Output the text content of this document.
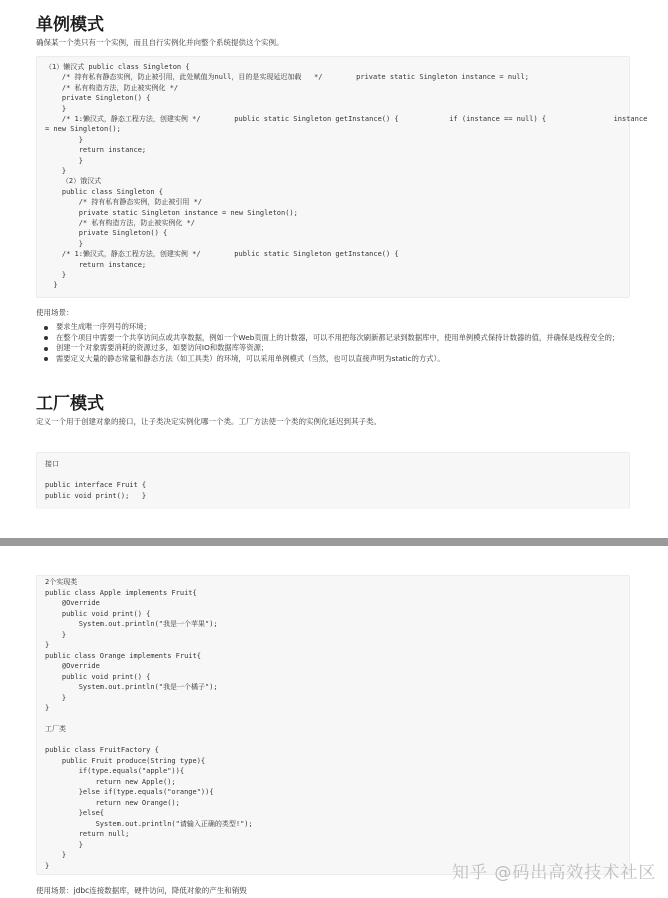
单例模式
确保某一个类只有一个实例，而且自行实例化并向整个系统提供这个实例。
（1）懒汉式 public class Singleton {
/* 持有私有静态实例，防止被引用，此处赋值为null，目的是实现延迟加载   */        private static Singleton instance = null;
/* 私有构造方法，防止被实例化 */
private Singleton() {
}
/* 1:懒汉式，静态工程方法，创建实例 */        public static Singleton getInstance() {            if (instance == null) {                instance
= new Singleton();
}
return instance;
}
}
（2）饿汉式
public class Singleton {
/* 持有私有静态实例，防止被引用 */
private static Singleton instance = new Singleton();
/* 私有构造方法，防止被实例化 */
private Singleton() {
}
/* 1:懒汉式，静态工程方法，创建实例 */        public static Singleton getInstance() {
return instance;
}
}
使用场景：
要求生成唯一序列号的环境；
在整个项目中需要一个共享访问点或共享数据，例如一个Web页面上的计数器，可以不用把每次刷新都记录到数据库中，使用单例模式保持计数器的值，并确保是线程安全的；
创建一个对象需要消耗的资源过多，如要访问IO和数据库等资源；
需要定义大量的静态常量和静态方法（如工具类）的环境，可以采用单例模式（当然，也可以直接声明为static的方式）。
工厂模式
定义一个用于创建对象的接口，让子类决定实例化哪一个类。工厂方法使一个类的实例化延迟到其子类。
接口
public interface Fruit {
public void print();   }
2个实现类
public class Apple implements Fruit{
@Override
public void print() {
System.out.println("我是一个苹果");
}
}
public class Orange implements Fruit{
@Override
public void print() {
System.out.println("我是一个橘子");
}
}
工厂类
public class FruitFactory {
public Fruit produce(String type){
if(type.equals("apple")){
return new Apple();
}else if(type.equals("orange")){
return new Orange();
}else{
System.out.println("请输入正确的类型!");
return null;
}
}
}
使用场景：jdbc连接数据库，硬件访问，降低对象的产生和销毁
知乎 @码出高效技术社区
